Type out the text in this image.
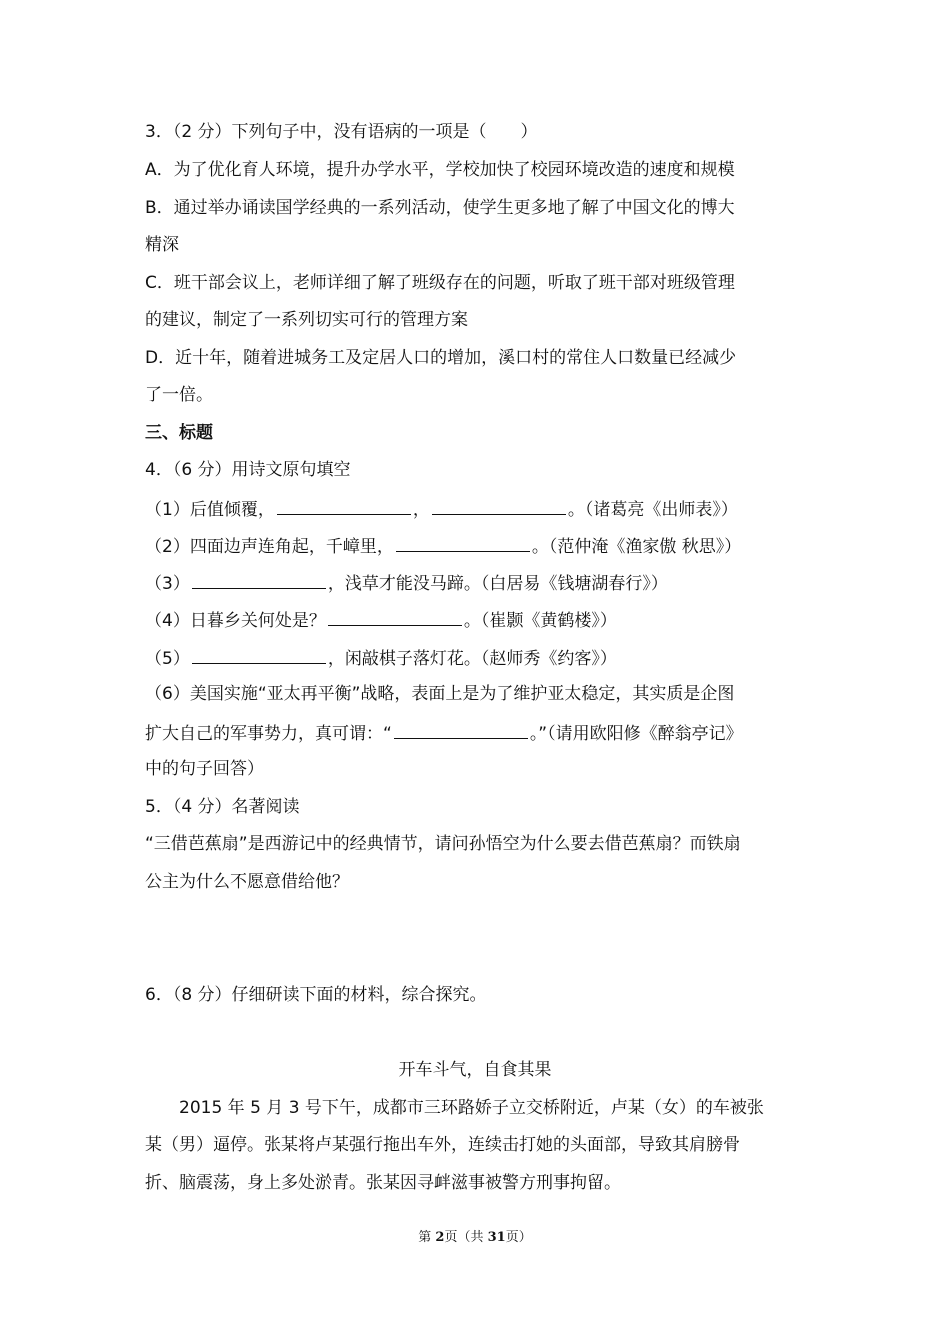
3．（2 分）下列句子中，没有语病的一项是（　　）
A．为了优化育人环境，提升办学水平，学校加快了校园环境改造的速度和规模
B．通过举办诵读国学经典的一系列活动，使学生更多地了解了中国文化的博大
精深
C．班干部会议上，老师详细了解了班级存在的问题，听取了班干部对班级管理
的建议，制定了一系列切实可行的管理方案
D．近十年，随着进城务工及定居人口的增加，溪口村的常住人口数量已经减少
了一倍。
三、标题
4．（6 分）用诗文原句填空
（1）后值倾覆，	，	。（诸葛亮《出师表》）
（2）四面边声连角起，千嶂里，	。（范仲淹《渔家傲 秋思》）
（3）	，浅草才能没马蹄。（白居易《钱塘湖春行》）
（4）日暮乡关何处是？	。（崔颢《黄鹤楼》）
（5）	，闲敲棋子落灯花。（赵师秀《约客》）
（6）美国实施“亚太再平衡”战略，表面上是为了维护亚太稳定，其实质是企图
扩大自己的军事势力，真可谓：“	。”（请用欧阳修《醉翁亭记》
中的句子回答）
5．（4 分）名著阅读
“三借芭蕉扇”是西游记中的经典情节，请问孙悟空为什么要去借芭蕉扇？而铁扇
公主为什么不愿意借给他？
6．（8 分）仔细研读下面的材料，综合探究。
开车斗气，自食其果
2015 年 5 月 3 号下午，成都市三环路娇子立交桥附近，卢某（女）的车被张
某（男）逼停。张某将卢某强行拖出车外，连续击打她的头面部，导致其肩膀骨
折、脑震荡，身上多处淤青。张某因寻衅滋事被警方刑事拘留。
第 2页（共 31页）
